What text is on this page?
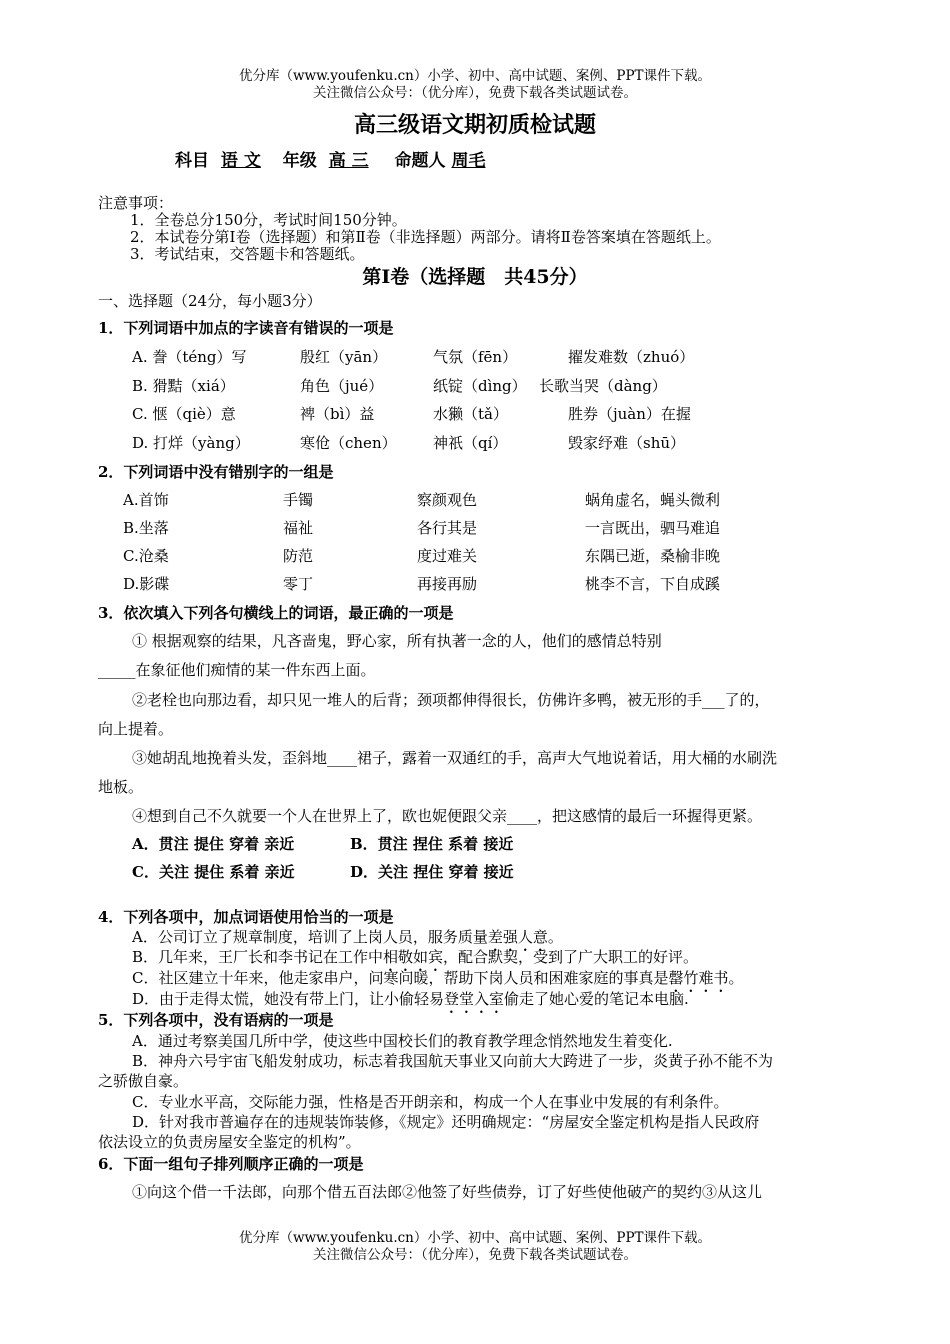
优分库（www.youfenku.cn）小学、初中、高中试题、案例、PPT课件下载。
关注微信公众号：（优分库），免费下载各类试题试卷。
高三级语文期初质检试题
科目 语 文 年级 高 三 命题人 周毛
注意事项：
1．全卷总分150分，考试时间150分钟。
2．本试卷分第Ⅰ卷（选择题）和第Ⅱ卷（非选择题）两部分。请将Ⅱ卷答案填在答题纸上。
3．考试结束，交答题卡和答题纸。
第Ⅰ卷（选择题　共45分）
一、选择题（24分，每小题3分）
1．下列词语中加点的字读音有错误的一项是
A. 誊（téng）写	殷红（yān）	气氛（fēn）	擢发难数（zhuó）
B. 猾黠（xiá）	角色（jué）	纸锭（dìng） 长歌当哭（dàng）
C. 惬（qiè）意	裨（bì）益	水獭（tǎ）	胜券（juàn）在握
D. 打烊（yàng）	寒伧（chen） 神祇（qí）	毁家纾难（shū）
2．下列词语中没有错别字的一组是
A.首饰	手镯	察颜观色	蜗角虚名，蝇头微利
B.坐落	福祉	各行其是	一言既出，驷马难追
C.沧桑	防范	度过难关	东隅已逝，桑榆非晚
D.影碟	零丁	再接再励	桃李不言，下自成蹊
3．依次填入下列各句横线上的词语，最正确的一项是
① 根据观察的结果，凡吝啬鬼，野心家，所有执著一念的人，他们的感情总特别
_____在象征他们痴情的某一件东西上面。
②老栓也向那边看，却只见一堆人的后背；颈项都伸得很长，仿佛许多鸭，被无形的手___了的，
向上提着。
③她胡乱地挽着头发，歪斜地____裙子，露着一双通红的手，高声大气地说着话，用大桶的水刷洗
地板。
④想到自己不久就要一个人在世界上了，欧也妮便跟父亲____，把这感情的最后一环握得更紧。
A．贯注 提住 穿着 亲近	B．贯注 捏住 系着 接近
C．关注 提住 系着 亲近	D．关注 捏住 穿着 接近
4．下列各项中，加点词语使用恰当的一项是
A．公司订立了规章制度，培训了上岗人员，服务质量差强人意。
B．几年来，王厂长和李书记在工作中相敬如宾，配合默契，受到了广大职工的好评。
C．社区建立十年来，他走家串户，问寒问暖，帮助下岗人员和困难家庭的事真是罄竹难书。
D．由于走得太慌，她没有带上门，让小偷轻易登堂入室偷走了她心爱的笔记本电脑.
5．下列各项中，没有语病的一项是
A．通过考察美国几所中学，使这些中国校长们的教育教学理念悄然地发生着变化.
B．神舟六号宇宙飞船发射成功，标志着我国航天事业又向前大大跨进了一步，炎黄子孙不能不为
之骄傲自豪。
C．专业水平高，交际能力强，性格是否开朗亲和，构成一个人在事业中发展的有利条件。
D．针对我市普遍存在的违规装饰装修，《规定》还明确规定：“房屋安全鉴定机构是指人民政府
依法设立的负责房屋安全鉴定的机构”。
6．下面一组句子排列顺序正确的一项是
①向这个借一千法郎，向那个借五百法郎②他签了好些债券，订了好些使他破产的契约③从这儿
优分库（www.youfenku.cn）小学、初中、高中试题、案例、PPT课件下载。
关注微信公众号：（优分库），免费下载各类试题试卷。
